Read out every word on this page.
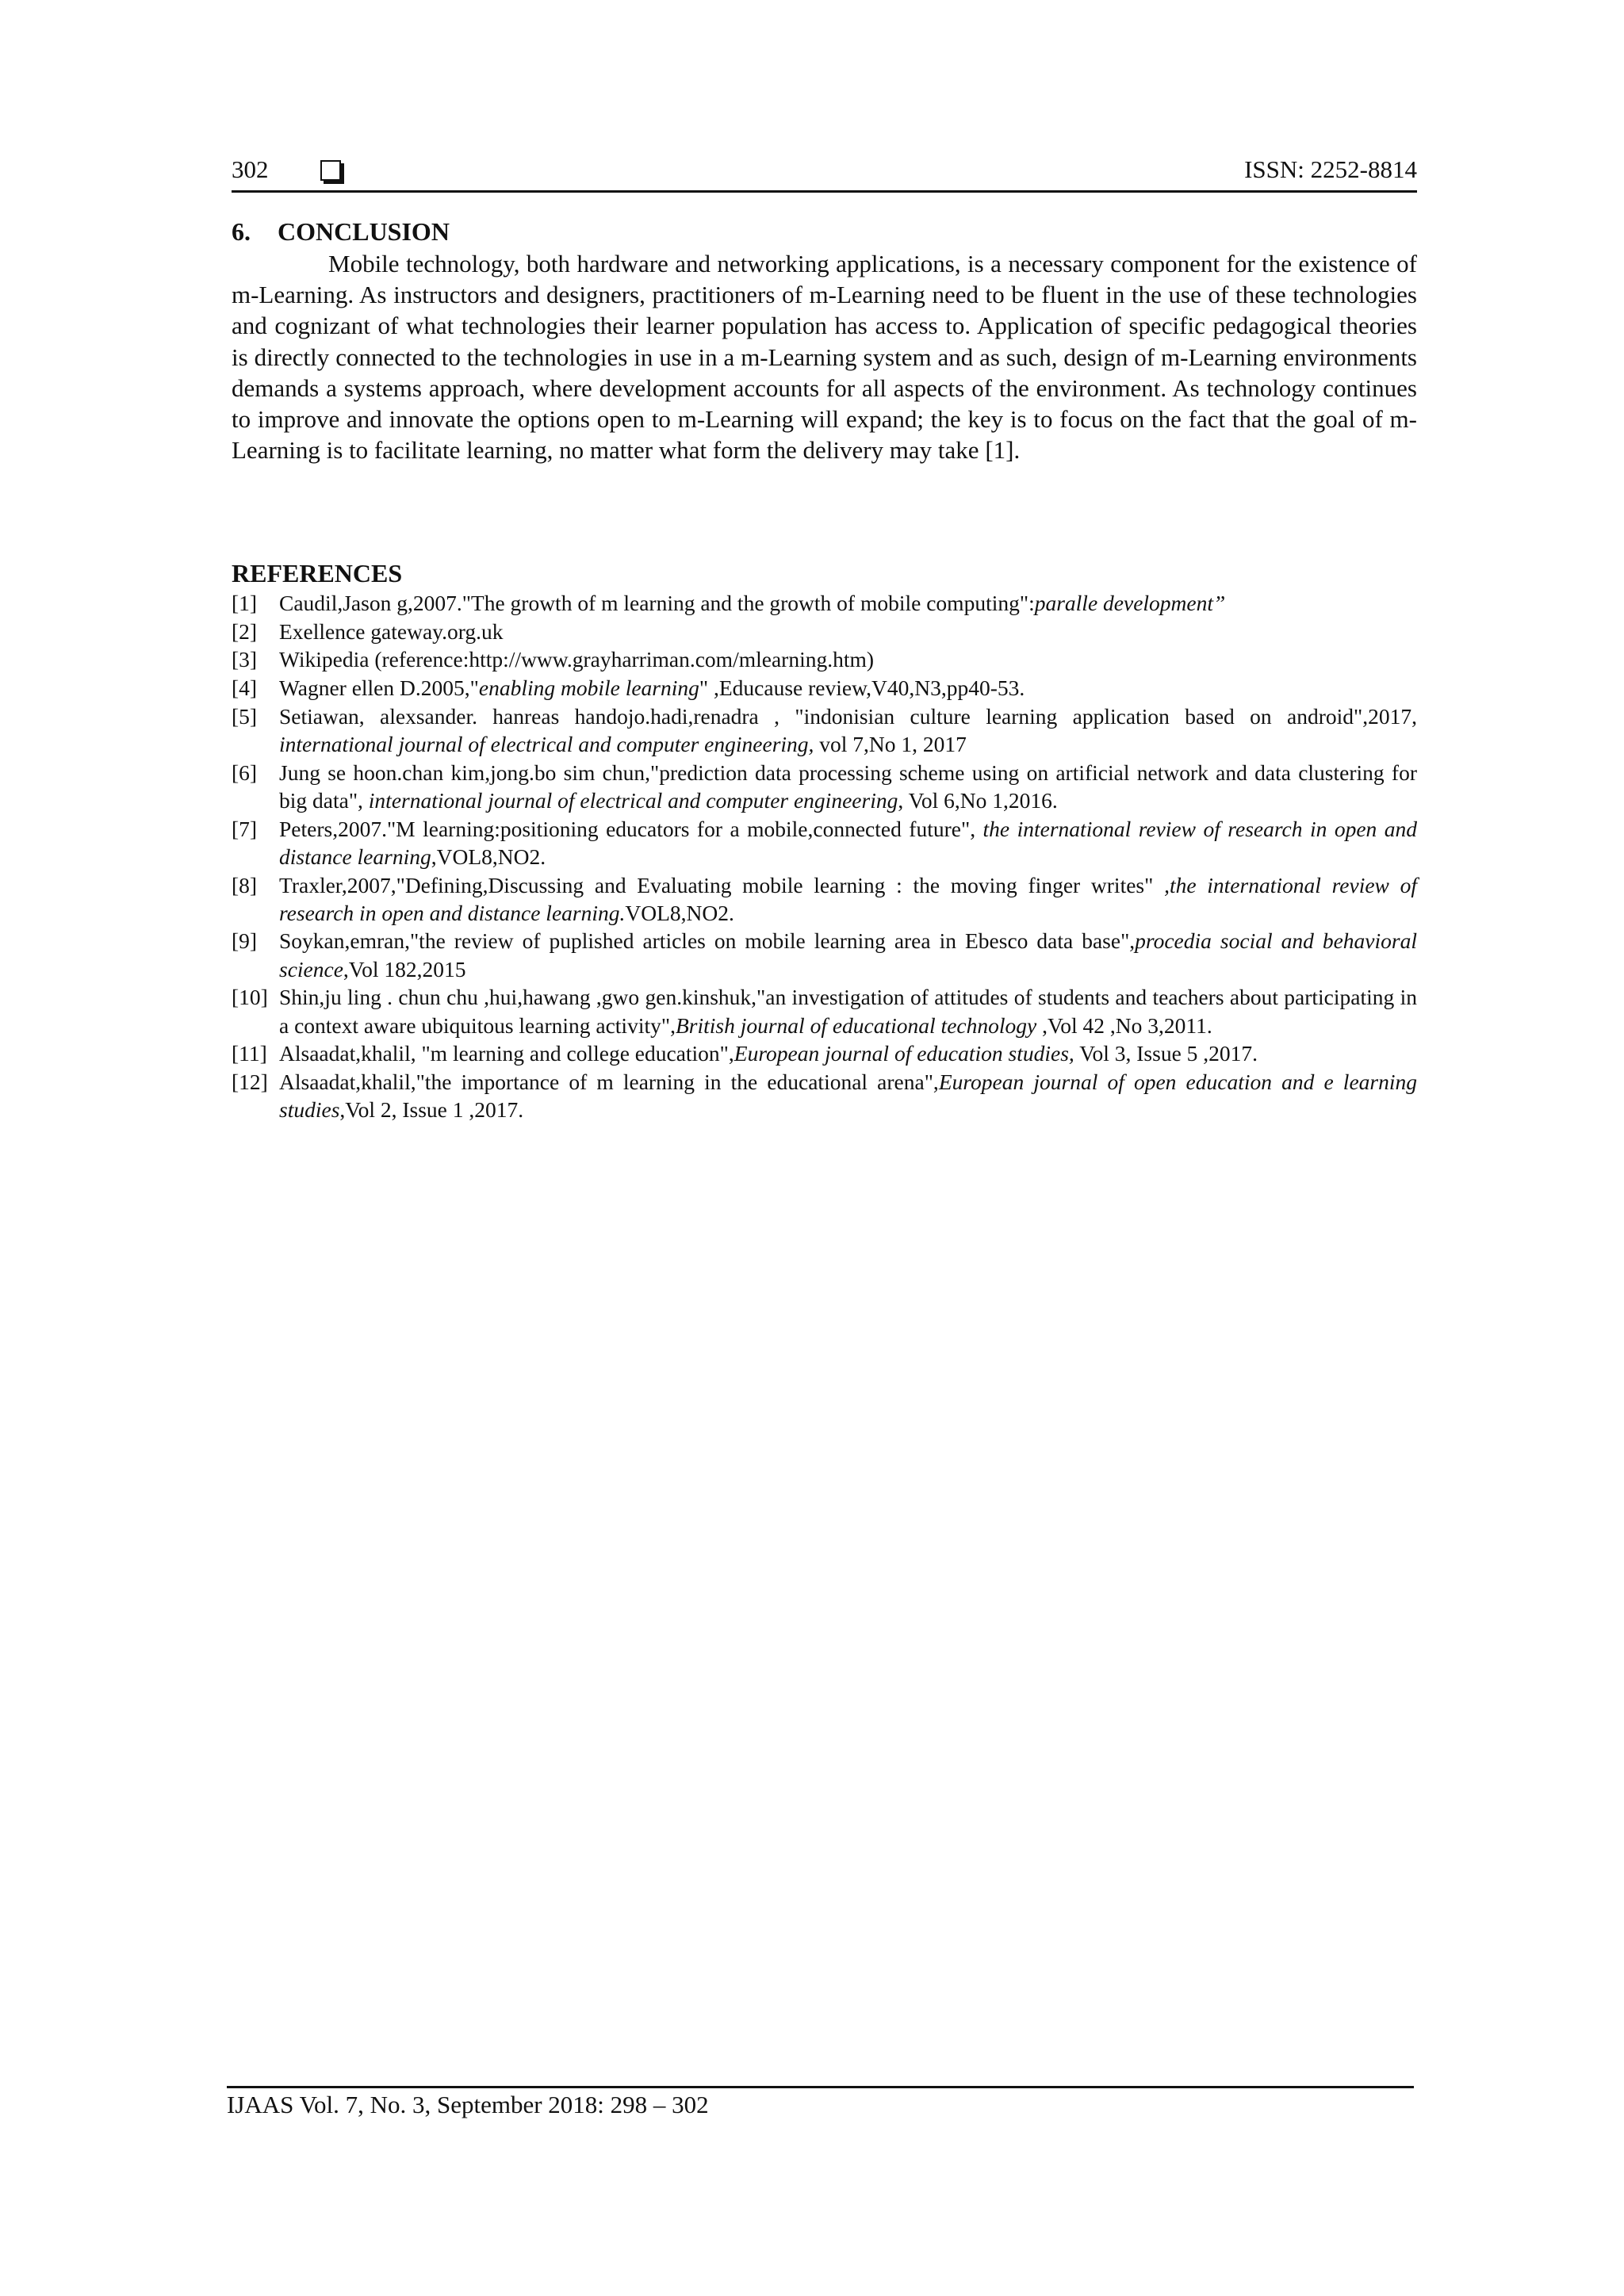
302	ISSN: 2252-8814
6. CONCLUSION

Mobile technology, both hardware and networking applications, is a necessary component for the existence of m-Learning. As instructors and designers, practitioners of m-Learning need to be fluent in the use of these technologies and cognizant of what technologies their learner population has access to. Application of specific pedagogical theories is directly connected to the technologies in use in a m-Learning system and as such, design of m-Learning environments demands a systems approach, where development accounts for all aspects of the environment. As technology continues to improve and innovate the options open to m-Learning will expand; the key is to focus on the fact that the goal of m-Learning is to facilitate learning, no matter what form the delivery may take [1].

REFERENCES
[1] Caudil,Jason g,2007."The growth of m learning and the growth of mobile computing":paralle development”
[2] Exellence gateway.org.uk
[3] Wikipedia (reference:http://www.grayharriman.com/mlearning.htm)
[4] Wagner ellen D.2005,"enabling mobile learning" ,Educause review,V40,N3,pp40-53.
[5] Setiawan, alexsander. hanreas handojo.hadi,renadra , "indonisian culture learning application based on android",2017, international journal of electrical and computer engineering, vol 7,No 1, 2017
[6] Jung se hoon.chan kim,jong.bo sim chun,"prediction data processing scheme using on artificial network and data clustering for big data", international journal of electrical and computer engineering, Vol 6,No 1,2016.
[7] Peters,2007."M learning:positioning educators for a mobile,connected future", the international review of research in open and distance learning,VOL8,NO2.
[8] Traxler,2007,"Defining,Discussing and Evaluating mobile learning : the moving finger writes" ,the international review of research in open and distance learning.VOL8,NO2.
[9] Soykan,emran,"the review of puplished articles on mobile learning area in Ebesco data base",procedia social and behavioral science,Vol 182,2015
[10] Shin,ju ling . chun chu ,hui,hawang ,gwo gen.kinshuk,"an investigation of attitudes of students and teachers about participating in a context aware ubiquitous learning activity",British journal of educational technology ,Vol 42 ,No 3,2011.
[11] Alsaadat,khalil, "m learning and college education",European journal of education studies, Vol 3, Issue 5 ,2017.
[12] Alsaadat,khalil,"the importance of m learning in the educational arena",European journal of open education and e learning studies,Vol 2, Issue 1 ,2017.
IJAAS Vol. 7, No. 3, September 2018: 298 – 302
